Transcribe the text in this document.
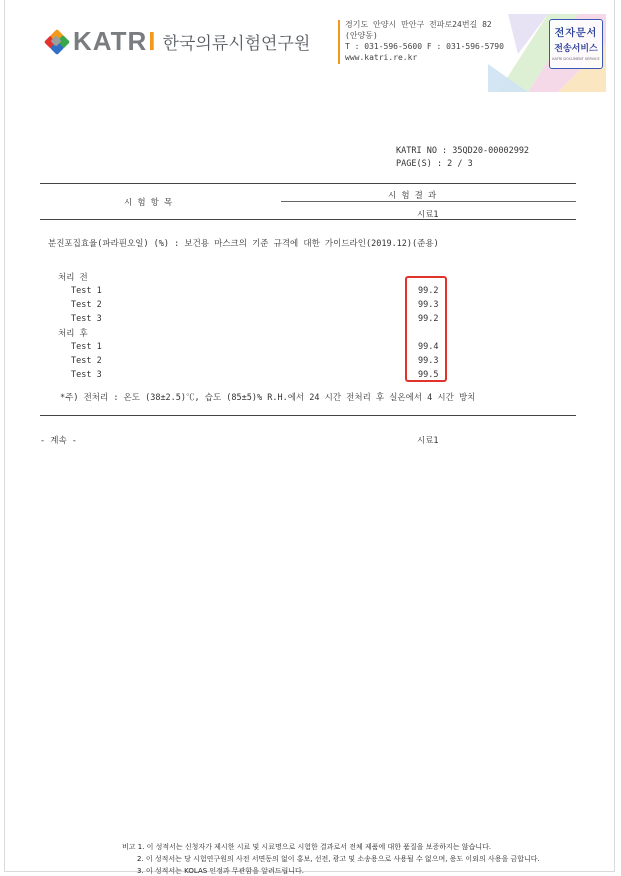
KATR I 한국의류시험연구원
경기도 안양시 만안구 전파로24번길 82
(안양동)
T : 031-596-5600 F : 031-596-5790
www.katri.re.kr
전자문서
전송서비스
KATRI DOCUMENT SERVICE
KATRI NO : 35QD20-00002992
PAGE(S) : 2 / 3
시 험 항 목
시 험 결 과
시료1
분진포집효율(파라핀오일) (%) : 보건용 마스크의 기준 규격에 대한 가이드라인(2019.12)(준용)
처리 전
Test 1	99.2
Test 2	99.3
Test 3	99.2
처리 후
Test 1	99.4
Test 2	99.3
Test 3	99.5
*주) 전처리 : 온도 (38±2.5)℃, 습도 (85±5)% R.H.에서 24 시간 전처리 후 실온에서 4 시간 방치
- 계속 -	시료1
비고 1. 이 성적서는 신청자가 제시한 시료 및 시료명으로 시험한 결과로서 전체 제품에 대한 품질을 보증하지는 않습니다.
2. 이 성적서는 당 시험연구원의 사전 서면동의 없이 홍보, 선전, 광고 및 소송용으로 사용될 수 없으며, 용도 이외의 사용을 금합니다.
3. 이 성적서는 KOLAS 인정과 무관함을 알려드립니다.
